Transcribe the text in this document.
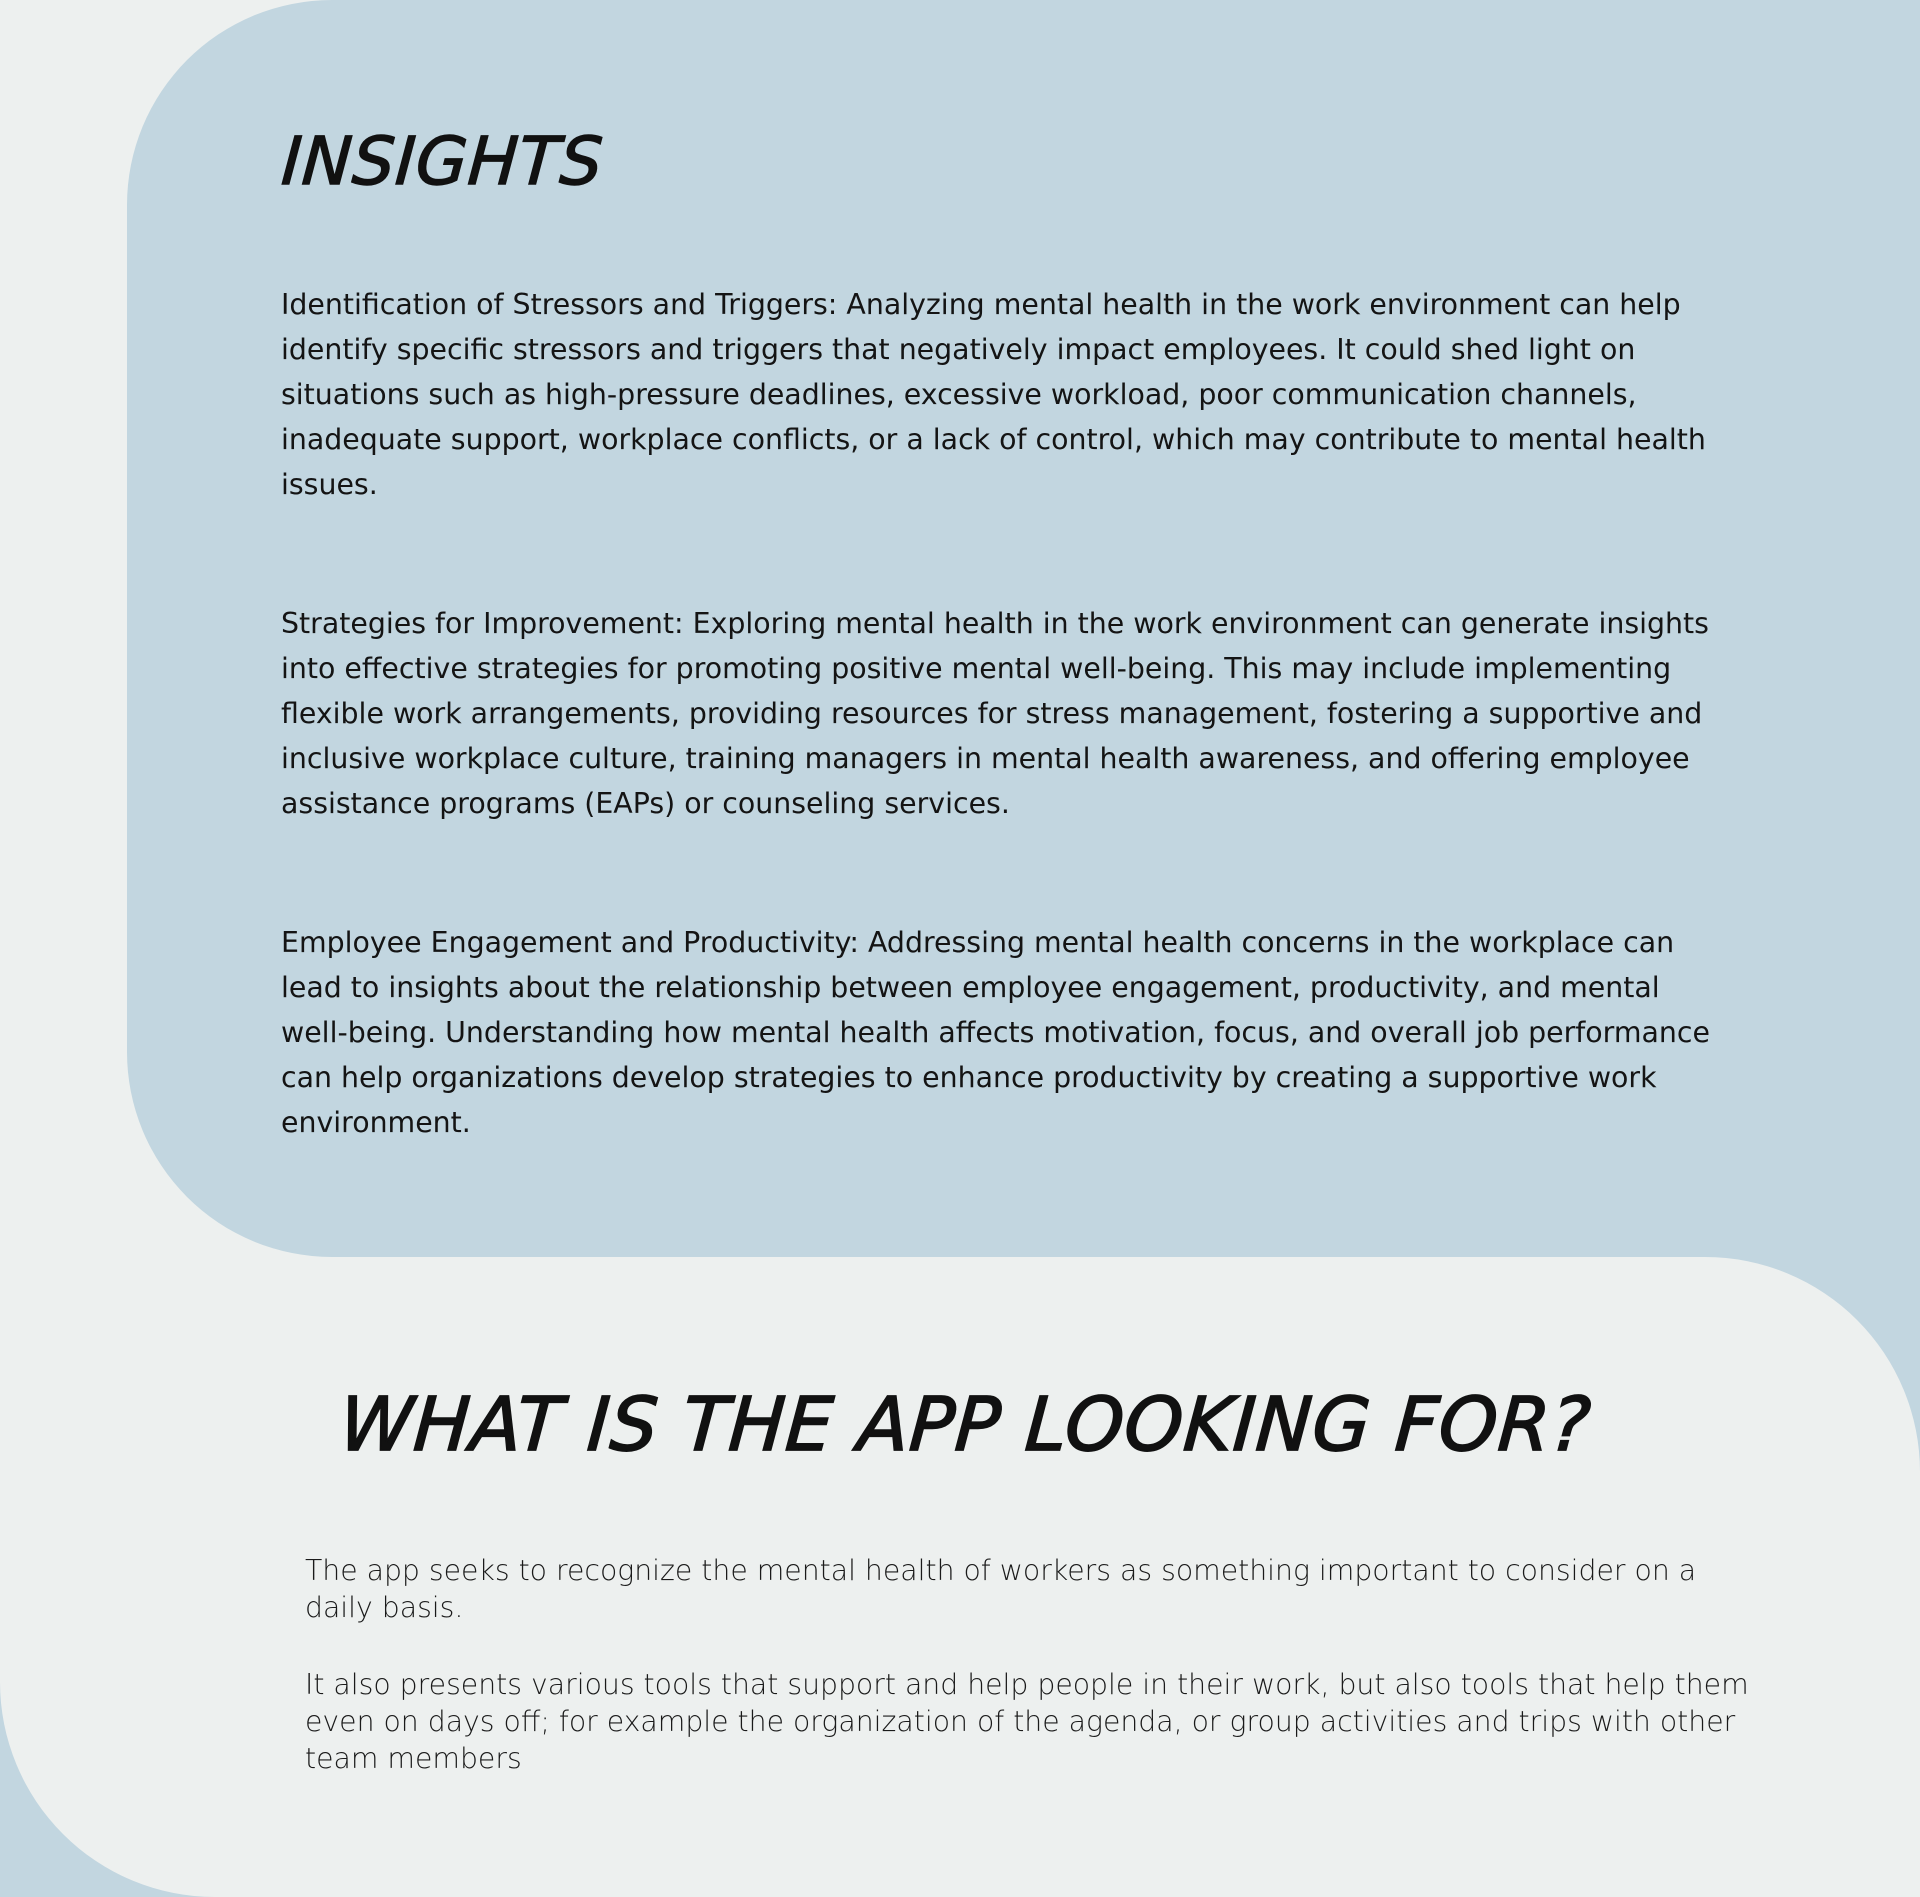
INSIGHTS

Identification of Stressors and Triggers: Analyzing mental health in the work environment can help identify specific stressors and triggers that negatively impact employees. It could shed light on situations such as high-pressure deadlines, excessive workload, poor communication channels, inadequate support, workplace conflicts, or a lack of control, which may contribute to mental health issues.

Strategies for Improvement: Exploring mental health in the work environment can generate insights into effective strategies for promoting positive mental well-being. This may include implementing flexible work arrangements, providing resources for stress management, fostering a supportive and inclusive workplace culture, training managers in mental health awareness, and offering employee assistance programs (EAPs) or counseling services.

Employee Engagement and Productivity: Addressing mental health concerns in the workplace can lead to insights about the relationship between employee engagement, productivity, and mental well-being. Understanding how mental health affects motivation, focus, and overall job performance can help organizations develop strategies to enhance productivity by creating a supportive work environment.

WHAT IS THE APP LOOKING FOR?

The app seeks to recognize the mental health of workers as something important to consider on a daily basis.

It also presents various tools that support and help people in their work, but also tools that help them even on days off; for example the organization of the agenda, or group activities and trips with other team members
